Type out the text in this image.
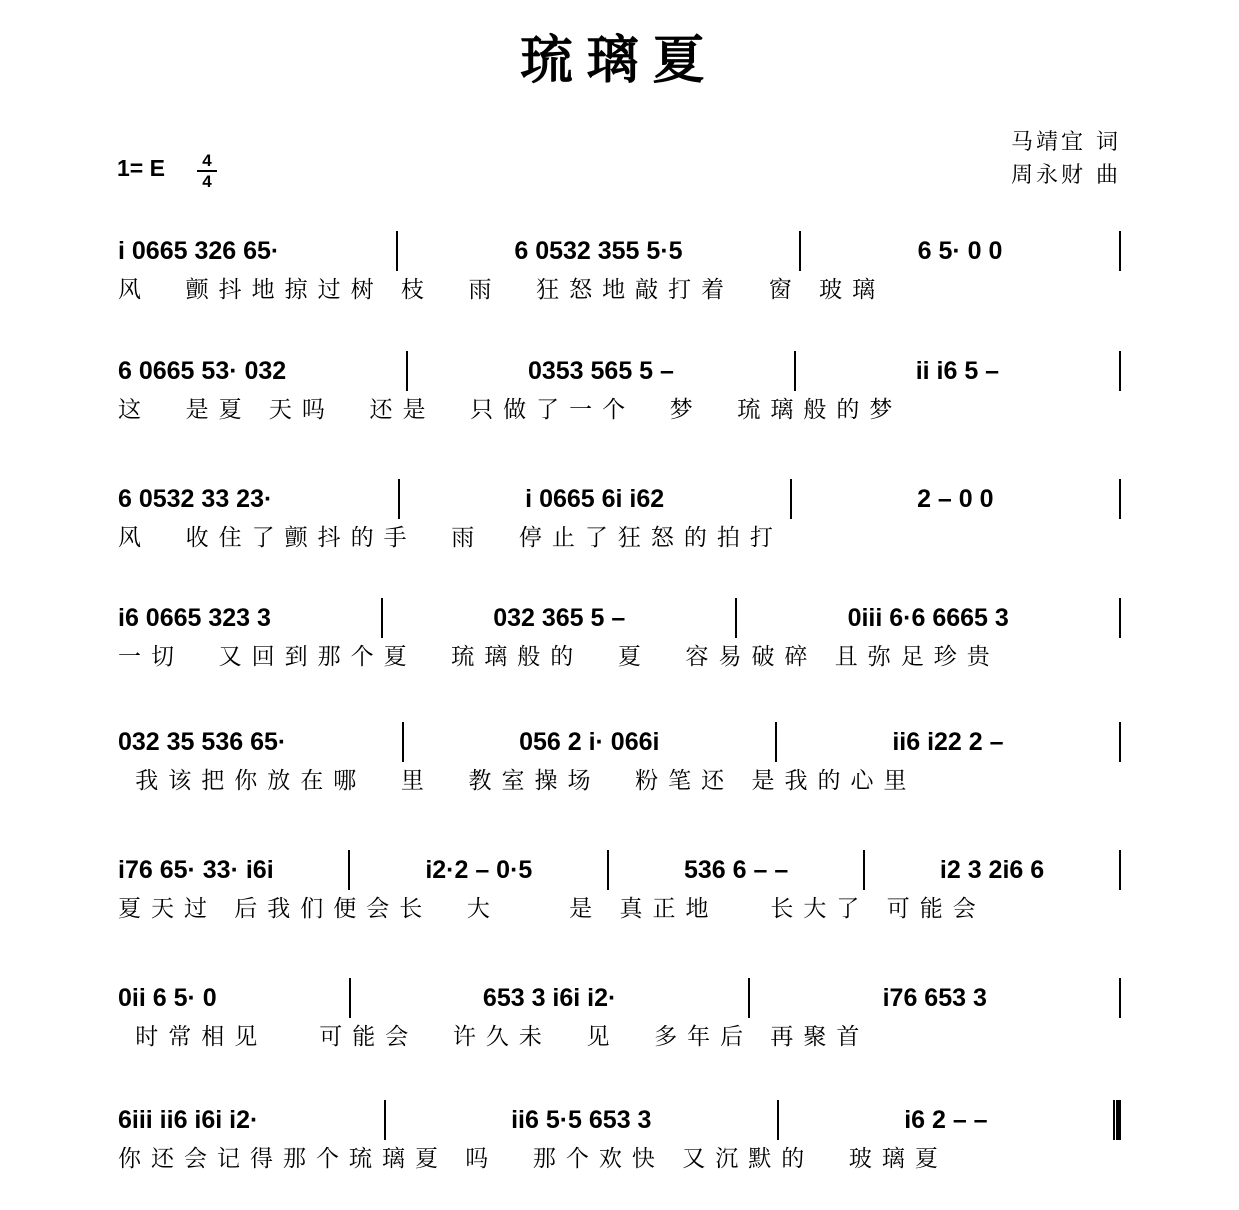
琉璃夏
马靖宜 词
周永财 曲
1= E	4
4
i 0665 326 65·	6 0532 355 5·5	6 5· 0 0
风  颤抖地掠过树 枝  雨  狂怒地敲打着  窗 玻璃
6 0665 53· 032	0353 565 5 –	ii i6 5 –
这  是夏 天吗  还是  只做了一个  梦  琉璃般的梦
6 0532 33 23·	i 0665 6i i62	2 – 0 0
风  收住了颤抖的手  雨  停止了狂怒的拍打
i6 0665 323 3	032 365 5 –	0iii 6·6 6665 3
一切  又回到那个夏  琉璃般的  夏  容易破碎 且弥足珍贵
032 35 536 65·	056 2 i· 066i	ii6 i22 2 –
我该把你放在哪  里  教室操场  粉笔还 是我的心里
i76 65· 33· i6i	i2·2 – 0·5	536 6 – –	i2 3 2i6 6
夏天过 后我们便会长  大    是 真正地   长大了 可能会
0ii 6 5· 0	653 3 i6i i2·	i76 653 3
时常相见   可能会  许久未  见  多年后 再聚首
6iii ii6 i6i i2·	ii6 5·5 653 3	i6 2 – –
你还会记得那个琉璃夏 吗  那个欢快 又沉默的  玻璃夏
